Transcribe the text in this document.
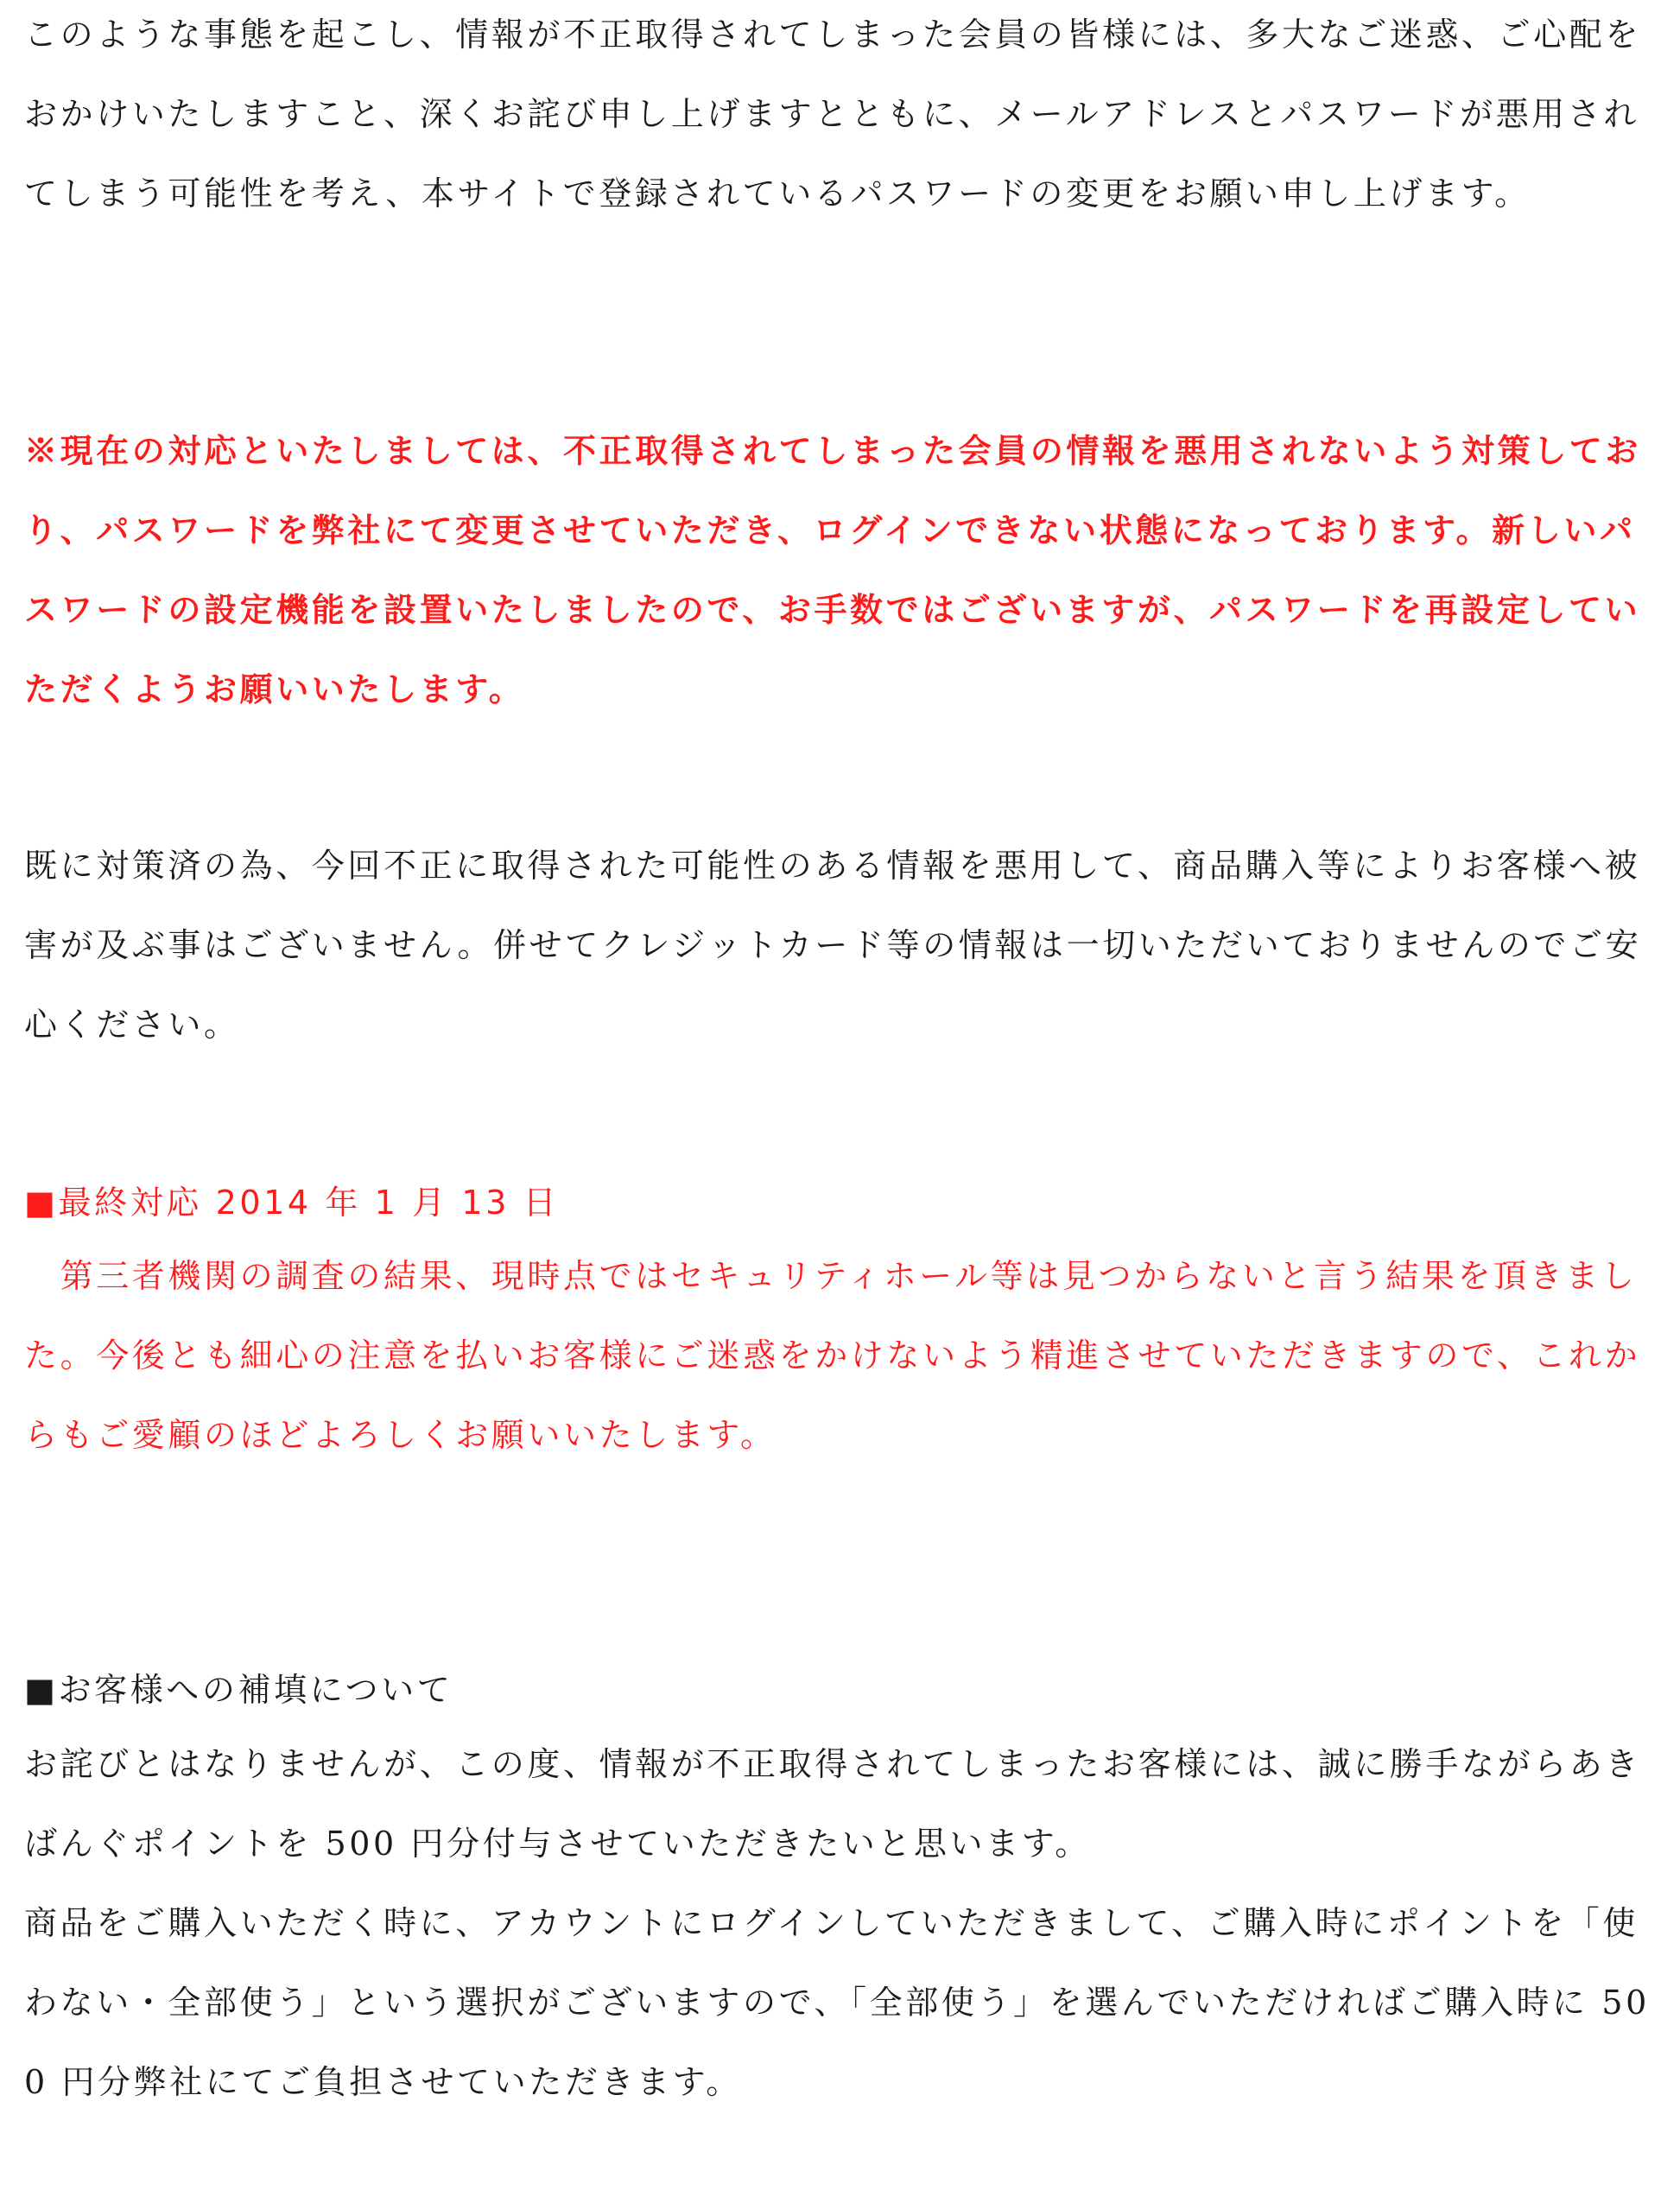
このような事態を起こし、情報が不正取得されてしまった会員の皆様には、多大なご迷惑、ご心配をおかけいたしますこと、深くお詫び申し上げますとともに、メールアドレスとパスワードが悪用されてしまう可能性を考え、本サイトで登録されているパスワードの変更をお願い申し上げます。

※現在の対応といたしましては、不正取得されてしまった会員の情報を悪用されないよう対策しており、パスワードを弊社にて変更させていただき、ログインできない状態になっております。新しいパスワードの設定機能を設置いたしましたので、お手数ではございますが、パスワードを再設定していただくようお願いいたします。

既に対策済の為、今回不正に取得された可能性のある情報を悪用して、商品購入等によりお客様へ被害が及ぶ事はございません。併せてクレジットカード等の情報は一切いただいておりませんのでご安心ください。

■最終対応 2014 年 1 月 13 日

第三者機関の調査の結果、現時点ではセキュリティホール等は見つからないと言う結果を頂きました。今後とも細心の注意を払いお客様にご迷惑をかけないよう精進させていただきますので、これからもご愛顧のほどよろしくお願いいたします。

■お客様への補填について

お詫びとはなりませんが、この度、情報が不正取得されてしまったお客様には、誠に勝手ながらあきばんぐポイントを 500 円分付与させていただきたいと思います。

商品をご購入いただく時に、アカウントにログインしていただきまして、ご購入時にポイントを「使わない・全部使う」という選択がございますので、「全部使う」を選んでいただければご購入時に 500 円分弊社にてご負担させていただきます。
